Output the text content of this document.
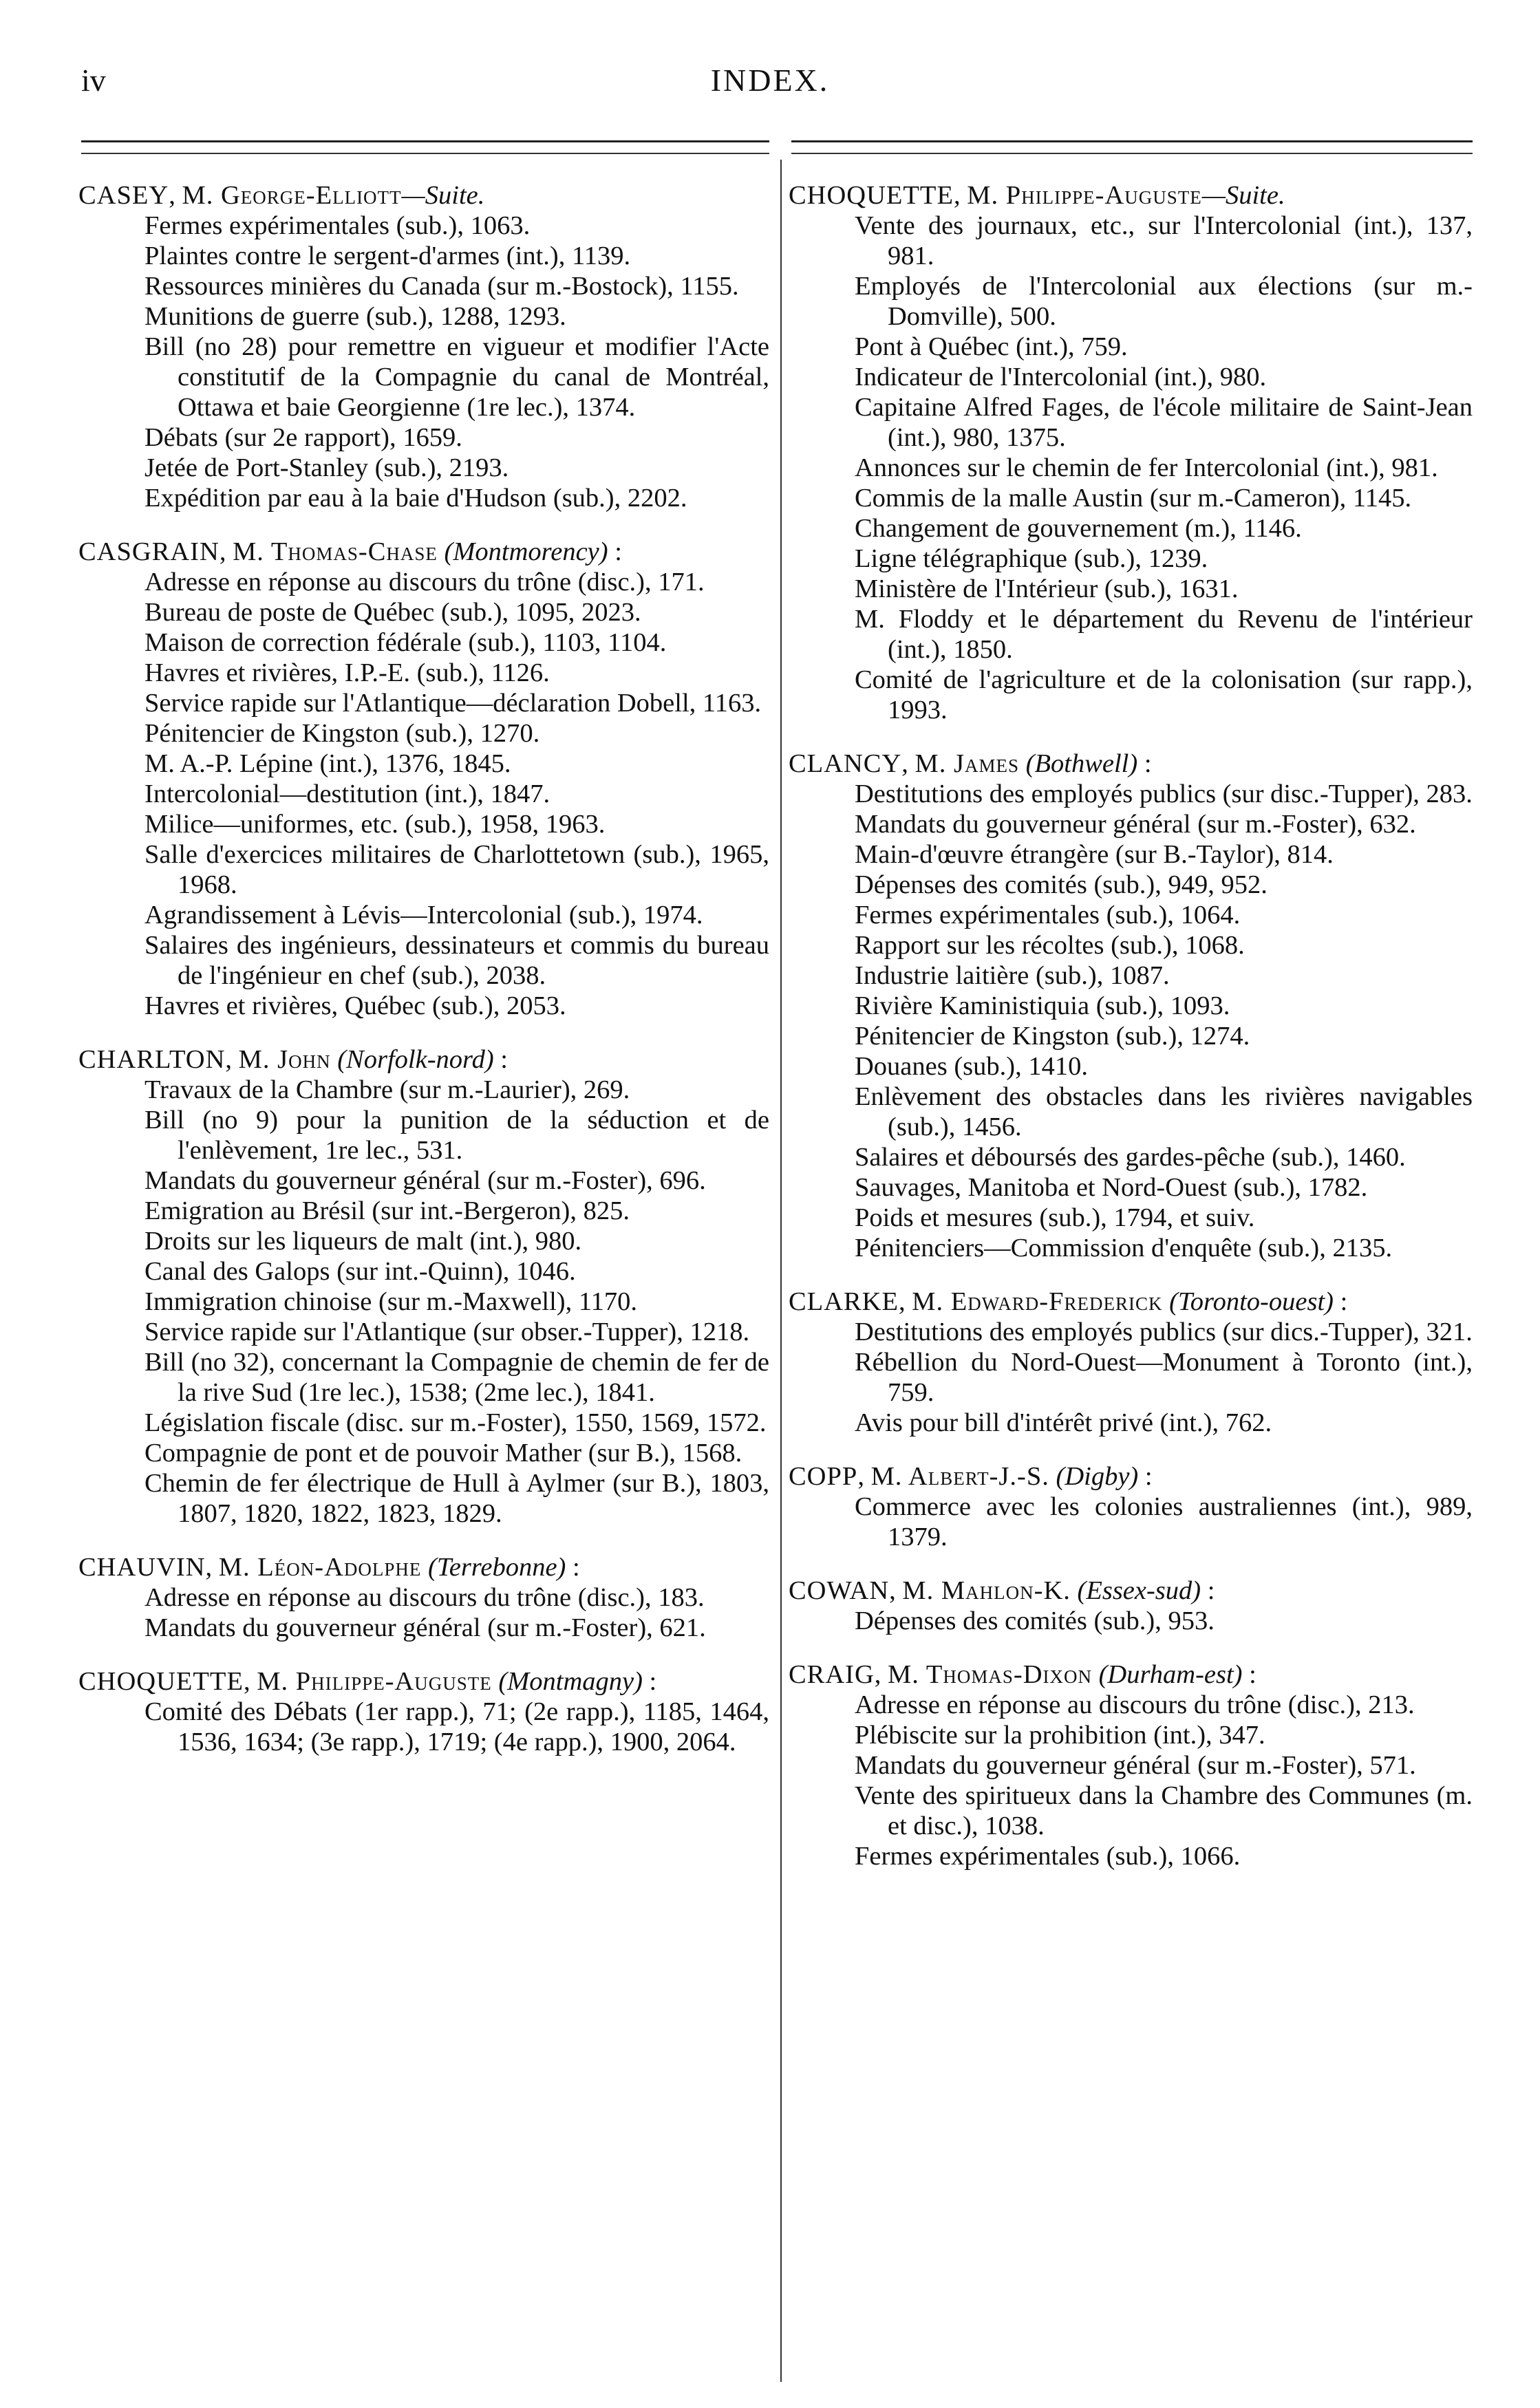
iv	INDEX.
CASEY, M. George-Elliott—Suite.
Fermes expérimentales (sub.), 1063.
Plaintes contre le sergent-d'armes (int.), 1139.
Ressources minières du Canada (sur m.-Bostock), 1155.
Munitions de guerre (sub.), 1288, 1293.
Bill (no 28) pour remettre en vigueur et modifier l'Acte constitutif de la Compagnie du canal de Montréal, Ottawa et baie Georgienne (1re lec.), 1374.
Débats (sur 2e rapport), 1659.
Jetée de Port-Stanley (sub.), 2193.
Expédition par eau à la baie d'Hudson (sub.), 2202.
CASGRAIN, M. Thomas-Chase (Montmorency) :
Adresse en réponse au discours du trône (disc.), 171.
Bureau de poste de Québec (sub.), 1095, 2023.
Maison de correction fédérale (sub.), 1103, 1104.
Havres et rivières, I.P.-E. (sub.), 1126.
Service rapide sur l'Atlantique—déclaration Dobell, 1163.
Pénitencier de Kingston (sub.), 1270.
M. A.-P. Lépine (int.), 1376, 1845.
Intercolonial—destitution (int.), 1847.
Milice—uniformes, etc. (sub.), 1958, 1963.
Salle d'exercices militaires de Charlottetown (sub.), 1965, 1968.
Agrandissement à Lévis—Intercolonial (sub.), 1974.
Salaires des ingénieurs, dessinateurs et commis du bureau de l'ingénieur en chef (sub.), 2038.
Havres et rivières, Québec (sub.), 2053.
CHARLTON, M. John (Norfolk-nord) :
Travaux de la Chambre (sur m.-Laurier), 269.
Bill (no 9) pour la punition de la séduction et de l'enlèvement, 1re lec., 531.
Mandats du gouverneur général (sur m.-Foster), 696.
Emigration au Brésil (sur int.-Bergeron), 825.
Droits sur les liqueurs de malt (int.), 980.
Canal des Galops (sur int.-Quinn), 1046.
Immigration chinoise (sur m.-Maxwell), 1170.
Service rapide sur l'Atlantique (sur obser.-Tupper), 1218.
Bill (no 32), concernant la Compagnie de chemin de fer de la rive Sud (1re lec.), 1538; (2me lec.), 1841.
Législation fiscale (disc. sur m.-Foster), 1550, 1569, 1572.
Compagnie de pont et de pouvoir Mather (sur B.), 1568.
Chemin de fer électrique de Hull à Aylmer (sur B.), 1803, 1807, 1820, 1822, 1823, 1829.
CHAUVIN, M. Léon-Adolphe (Terrebonne) :
Adresse en réponse au discours du trône (disc.), 183.
Mandats du gouverneur général (sur m.-Foster), 621.
CHOQUETTE, M. Philippe-Auguste (Montmagny) :
Comité des Débats (1er rapp.), 71; (2e rapp.), 1185, 1464, 1536, 1634; (3e rapp.), 1719; (4e rapp.), 1900, 2064.
CHOQUETTE, M. Philippe-Auguste—Suite.
Vente des journaux, etc., sur l'Intercolonial (int.), 137, 981.
Employés de l'Intercolonial aux élections (sur m.-Domville), 500.
Pont à Québec (int.), 759.
Indicateur de l'Intercolonial (int.), 980.
Capitaine Alfred Fages, de l'école militaire de Saint-Jean (int.), 980, 1375.
Annonces sur le chemin de fer Intercolonial (int.), 981.
Commis de la malle Austin (sur m.-Cameron), 1145.
Changement de gouvernement (m.), 1146.
Ligne télégraphique (sub.), 1239.
Ministère de l'Intérieur (sub.), 1631.
M. Floddy et le département du Revenu de l'intérieur (int.), 1850.
Comité de l'agriculture et de la colonisation (sur rapp.), 1993.
CLANCY, M. James (Bothwell) :
Destitutions des employés publics (sur disc.-Tupper), 283.
Mandats du gouverneur général (sur m.-Foster), 632.
Main-d'œuvre étrangère (sur B.-Taylor), 814.
Dépenses des comités (sub.), 949, 952.
Fermes expérimentales (sub.), 1064.
Rapport sur les récoltes (sub.), 1068.
Industrie laitière (sub.), 1087.
Rivière Kaministiquia (sub.), 1093.
Pénitencier de Kingston (sub.), 1274.
Douanes (sub.), 1410.
Enlèvement des obstacles dans les rivières navigables (sub.), 1456.
Salaires et déboursés des gardes-pêche (sub.), 1460.
Sauvages, Manitoba et Nord-Ouest (sub.), 1782.
Poids et mesures (sub.), 1794, et suiv.
Pénitenciers—Commission d'enquête (sub.), 2135.
CLARKE, M. Edward-Frederick (Toronto-ouest) :
Destitutions des employés publics (sur dics.-Tupper), 321.
Rébellion du Nord-Ouest—Monument à Toronto (int.), 759.
Avis pour bill d'intérêt privé (int.), 762.
COPP, M. Albert-J.-S. (Digby) :
Commerce avec les colonies australiennes (int.), 989, 1379.
COWAN, M. Mahlon-K. (Essex-sud) :
Dépenses des comités (sub.), 953.
CRAIG, M. Thomas-Dixon (Durham-est) :
Adresse en réponse au discours du trône (disc.), 213.
Plébiscite sur la prohibition (int.), 347.
Mandats du gouverneur général (sur m.-Foster), 571.
Vente des spiritueux dans la Chambre des Communes (m. et disc.), 1038.
Fermes expérimentales (sub.), 1066.
